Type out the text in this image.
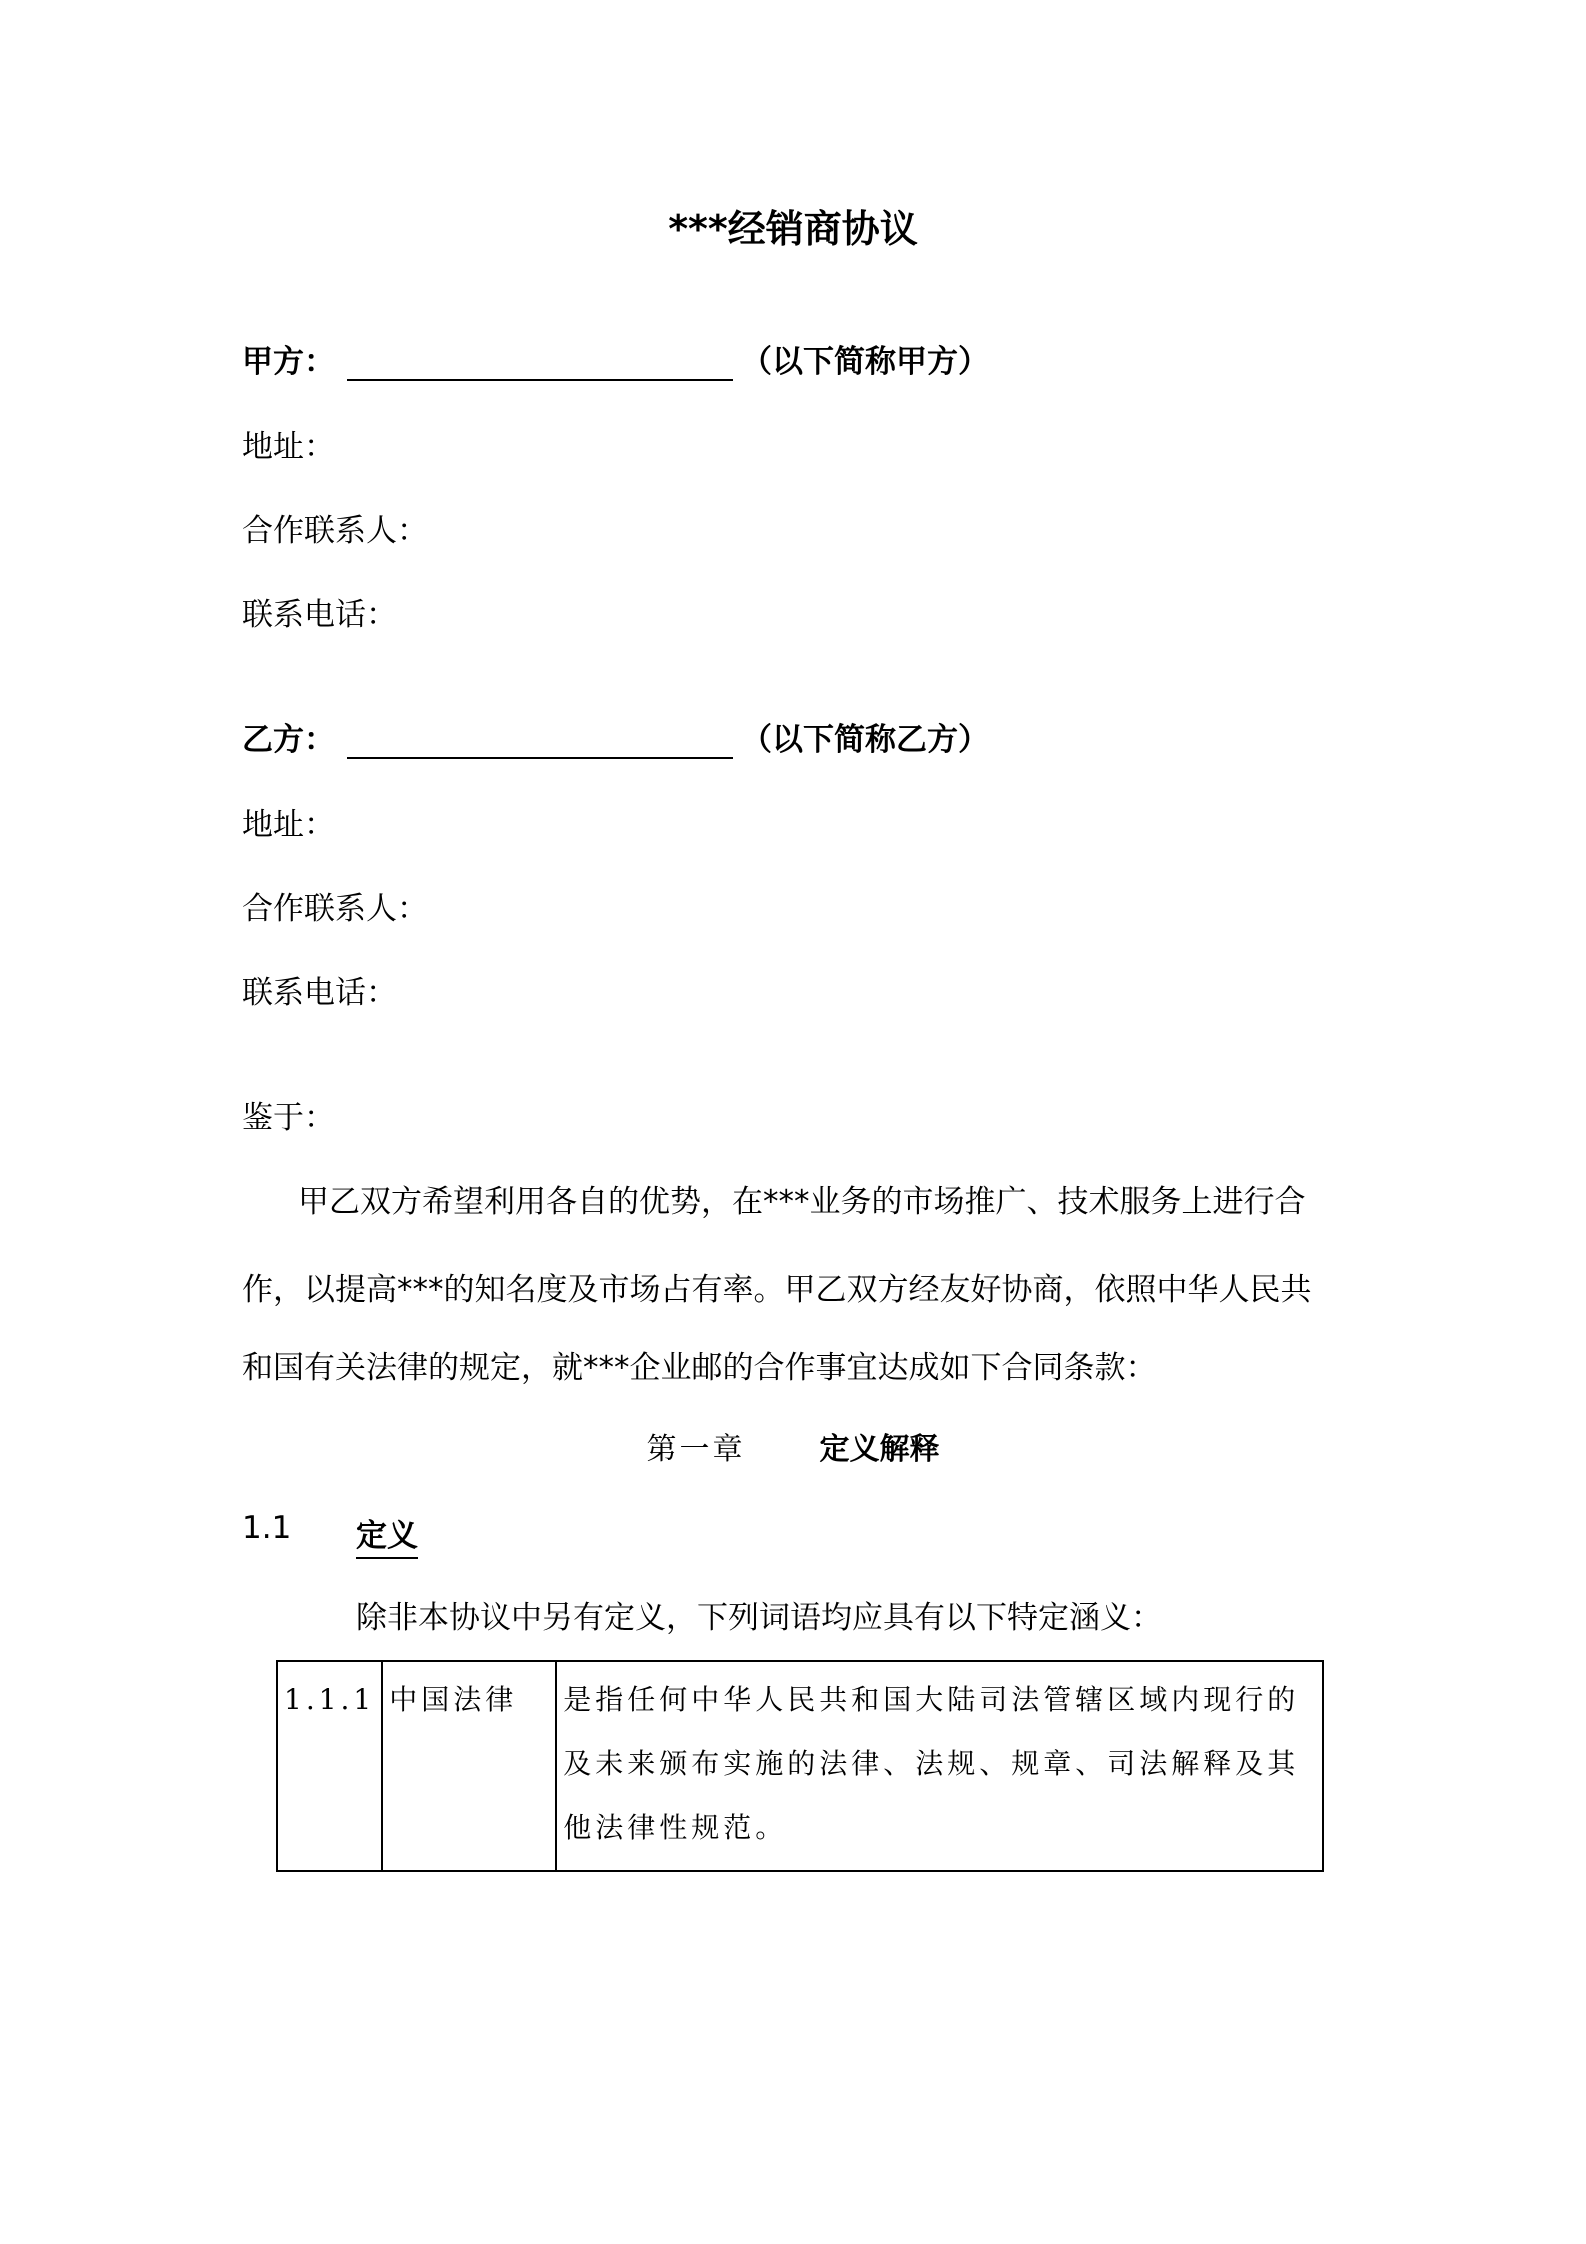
***经销商协议
甲方：	（以下简称甲方）
地址：
合作联系人：
联系电话：
乙方：	（以下简称乙方）
地址：
合作联系人：
联系电话：
鉴于：
甲乙双方希望利用各自的优势，在***业务的市场推广、技术服务上进行合
作，以提高***的知名度及市场占有率。甲乙双方经友好协商，依照中华人民共
和国有关法律的规定，就***企业邮的合作事宜达成如下合同条款：
第一章 定义解释
1.1 定义
除非本协议中另有定义，下列词语均应具有以下特定涵义：
1.1.1	中国法律	是指任何中华人民共和国大陆司法管辖区域内现行的及未来颁布实施的法律、法规、规章、司法解释及其他法律性规范。
